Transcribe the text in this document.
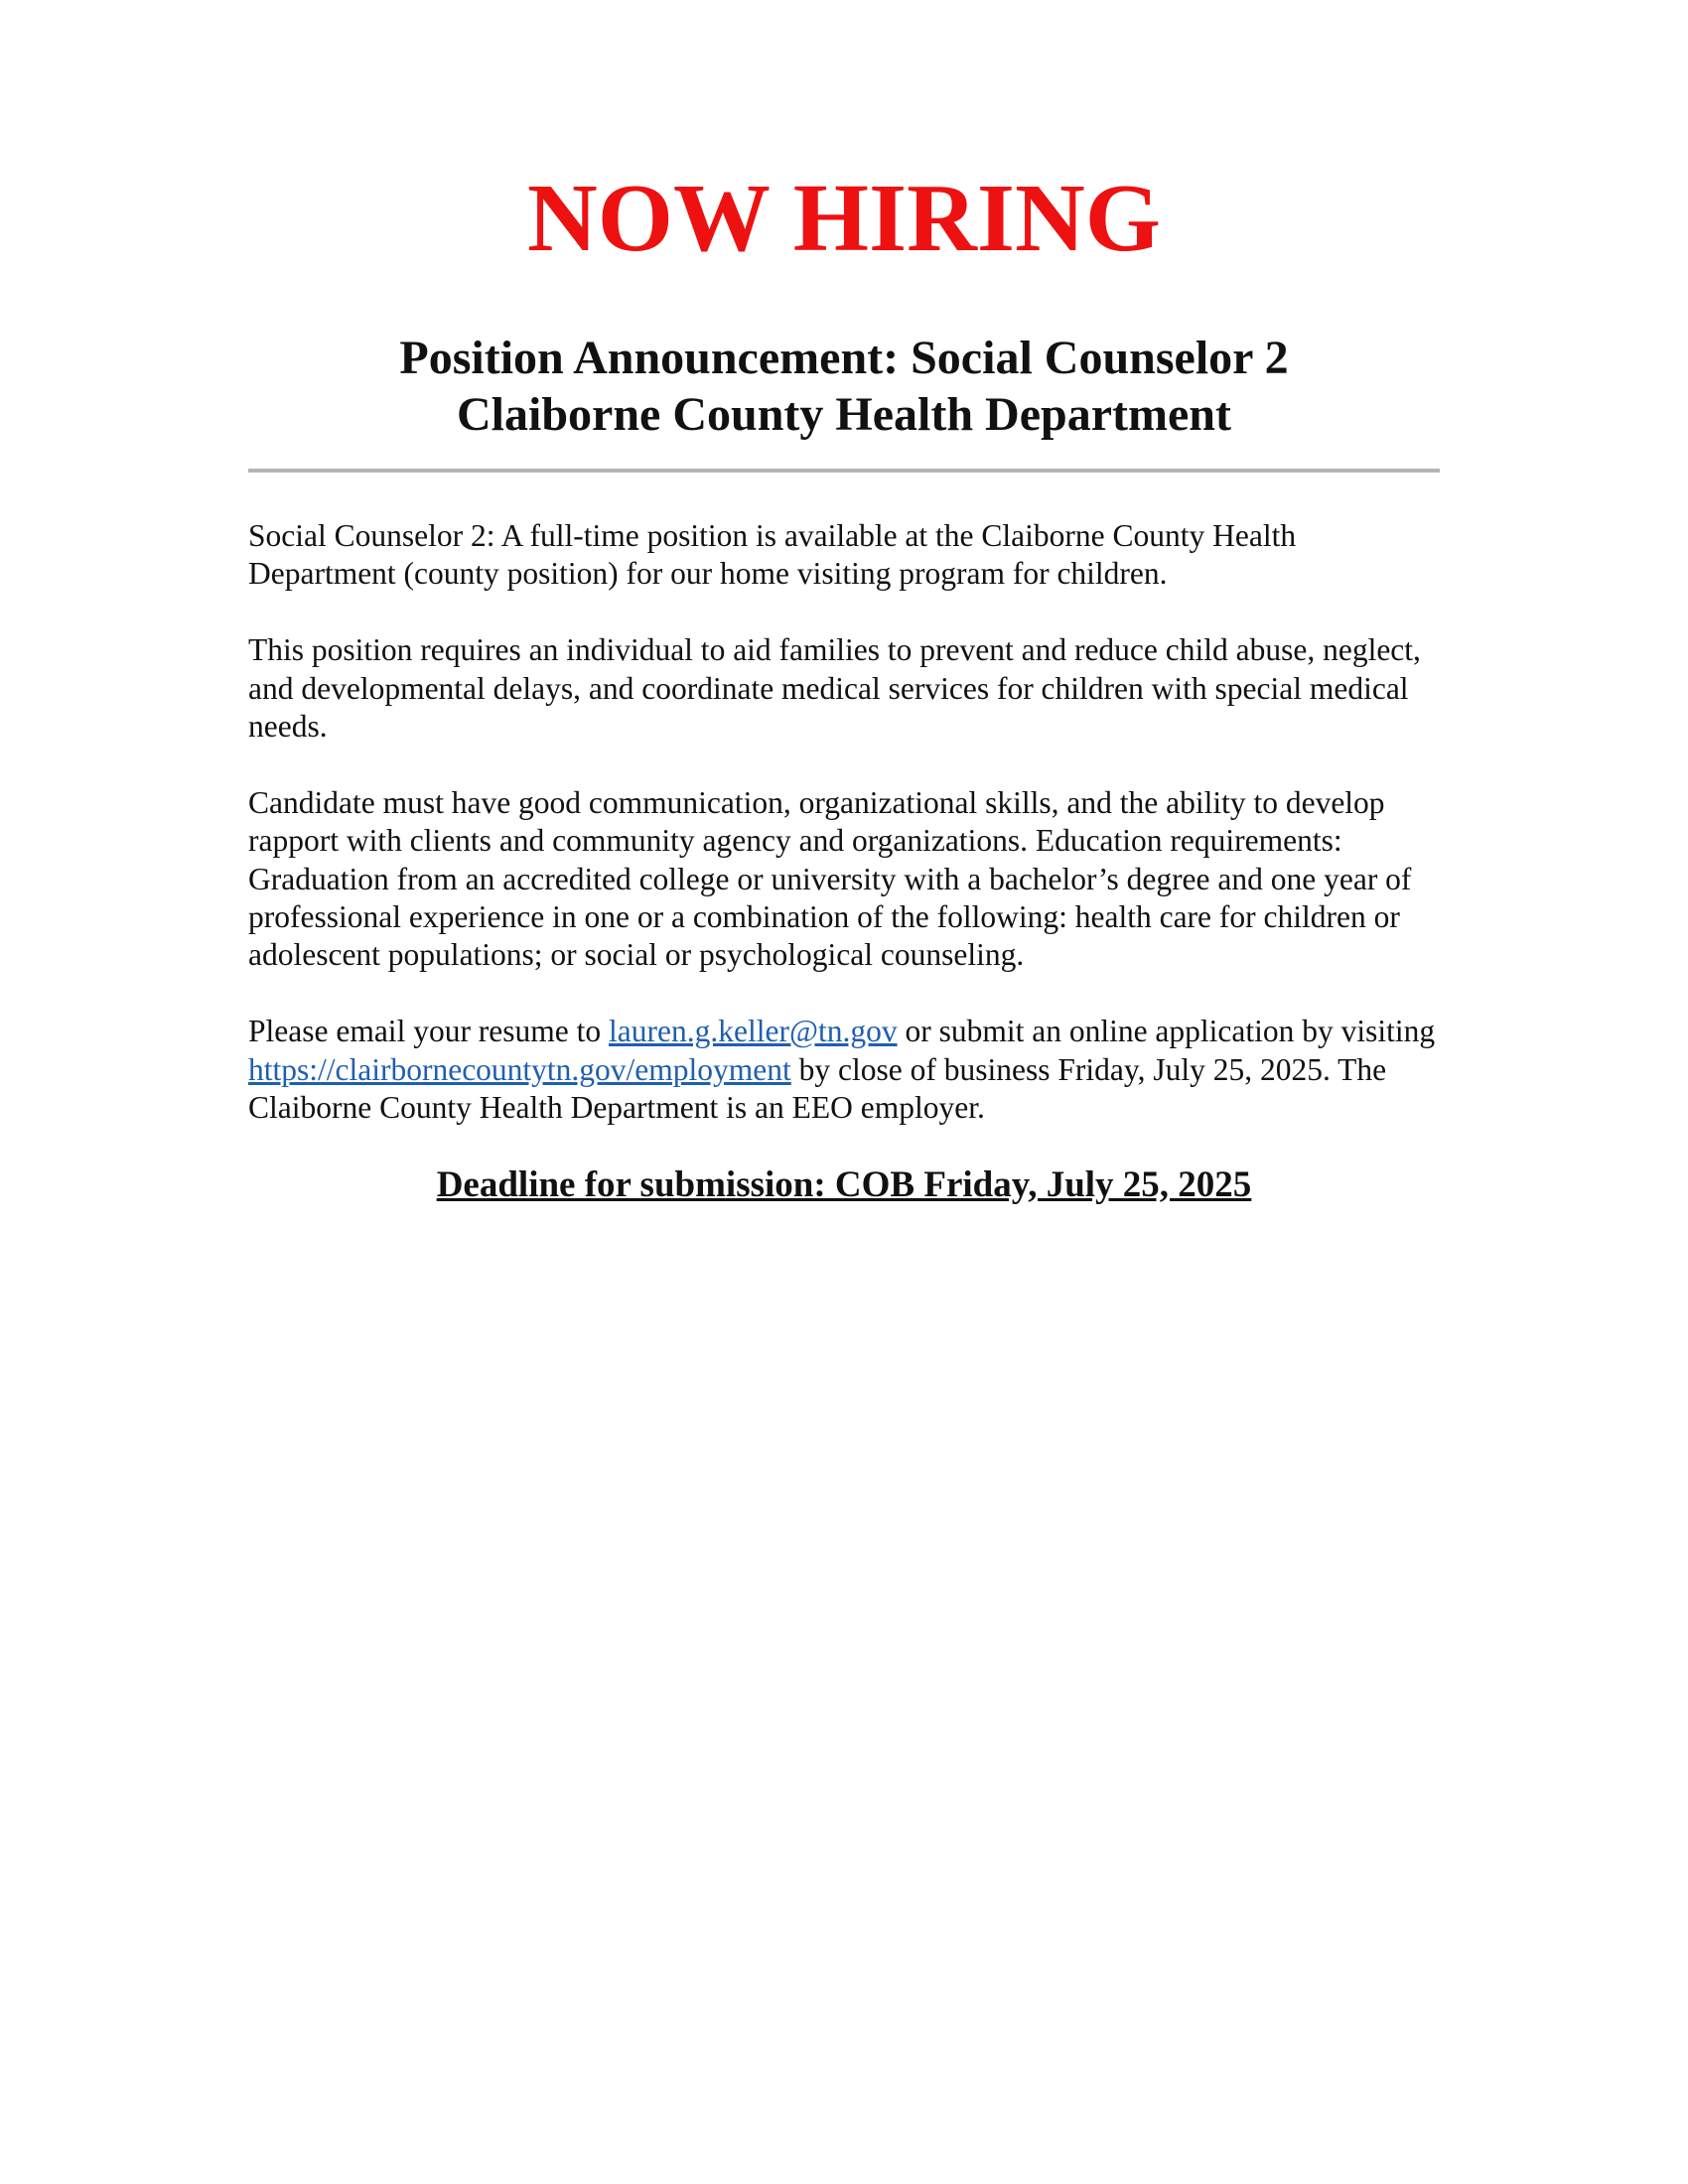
NOW HIRING
Position Announcement: Social Counselor 2
Claiborne County Health Department

Social Counselor 2: A full-time position is available at the Claiborne County Health Department (county position) for our home visiting program for children.

This position requires an individual to aid families to prevent and reduce child abuse, neglect, and developmental delays, and coordinate medical services for children with special medical needs.

Candidate must have good communication, organizational skills, and the ability to develop rapport with clients and community agency and organizations. Education requirements: Graduation from an accredited college or university with a bachelor’s degree and one year of professional experience in one or a combination of the following: health care for children or adolescent populations; or social or psychological counseling.

Please email your resume to lauren.g.keller@tn.gov or submit an online application by visiting https://clairbornecountytn.gov/employment by close of business Friday, July 25, 2025. The Claiborne County Health Department is an EEO employer.

Deadline for submission: COB Friday, July 25, 2025
